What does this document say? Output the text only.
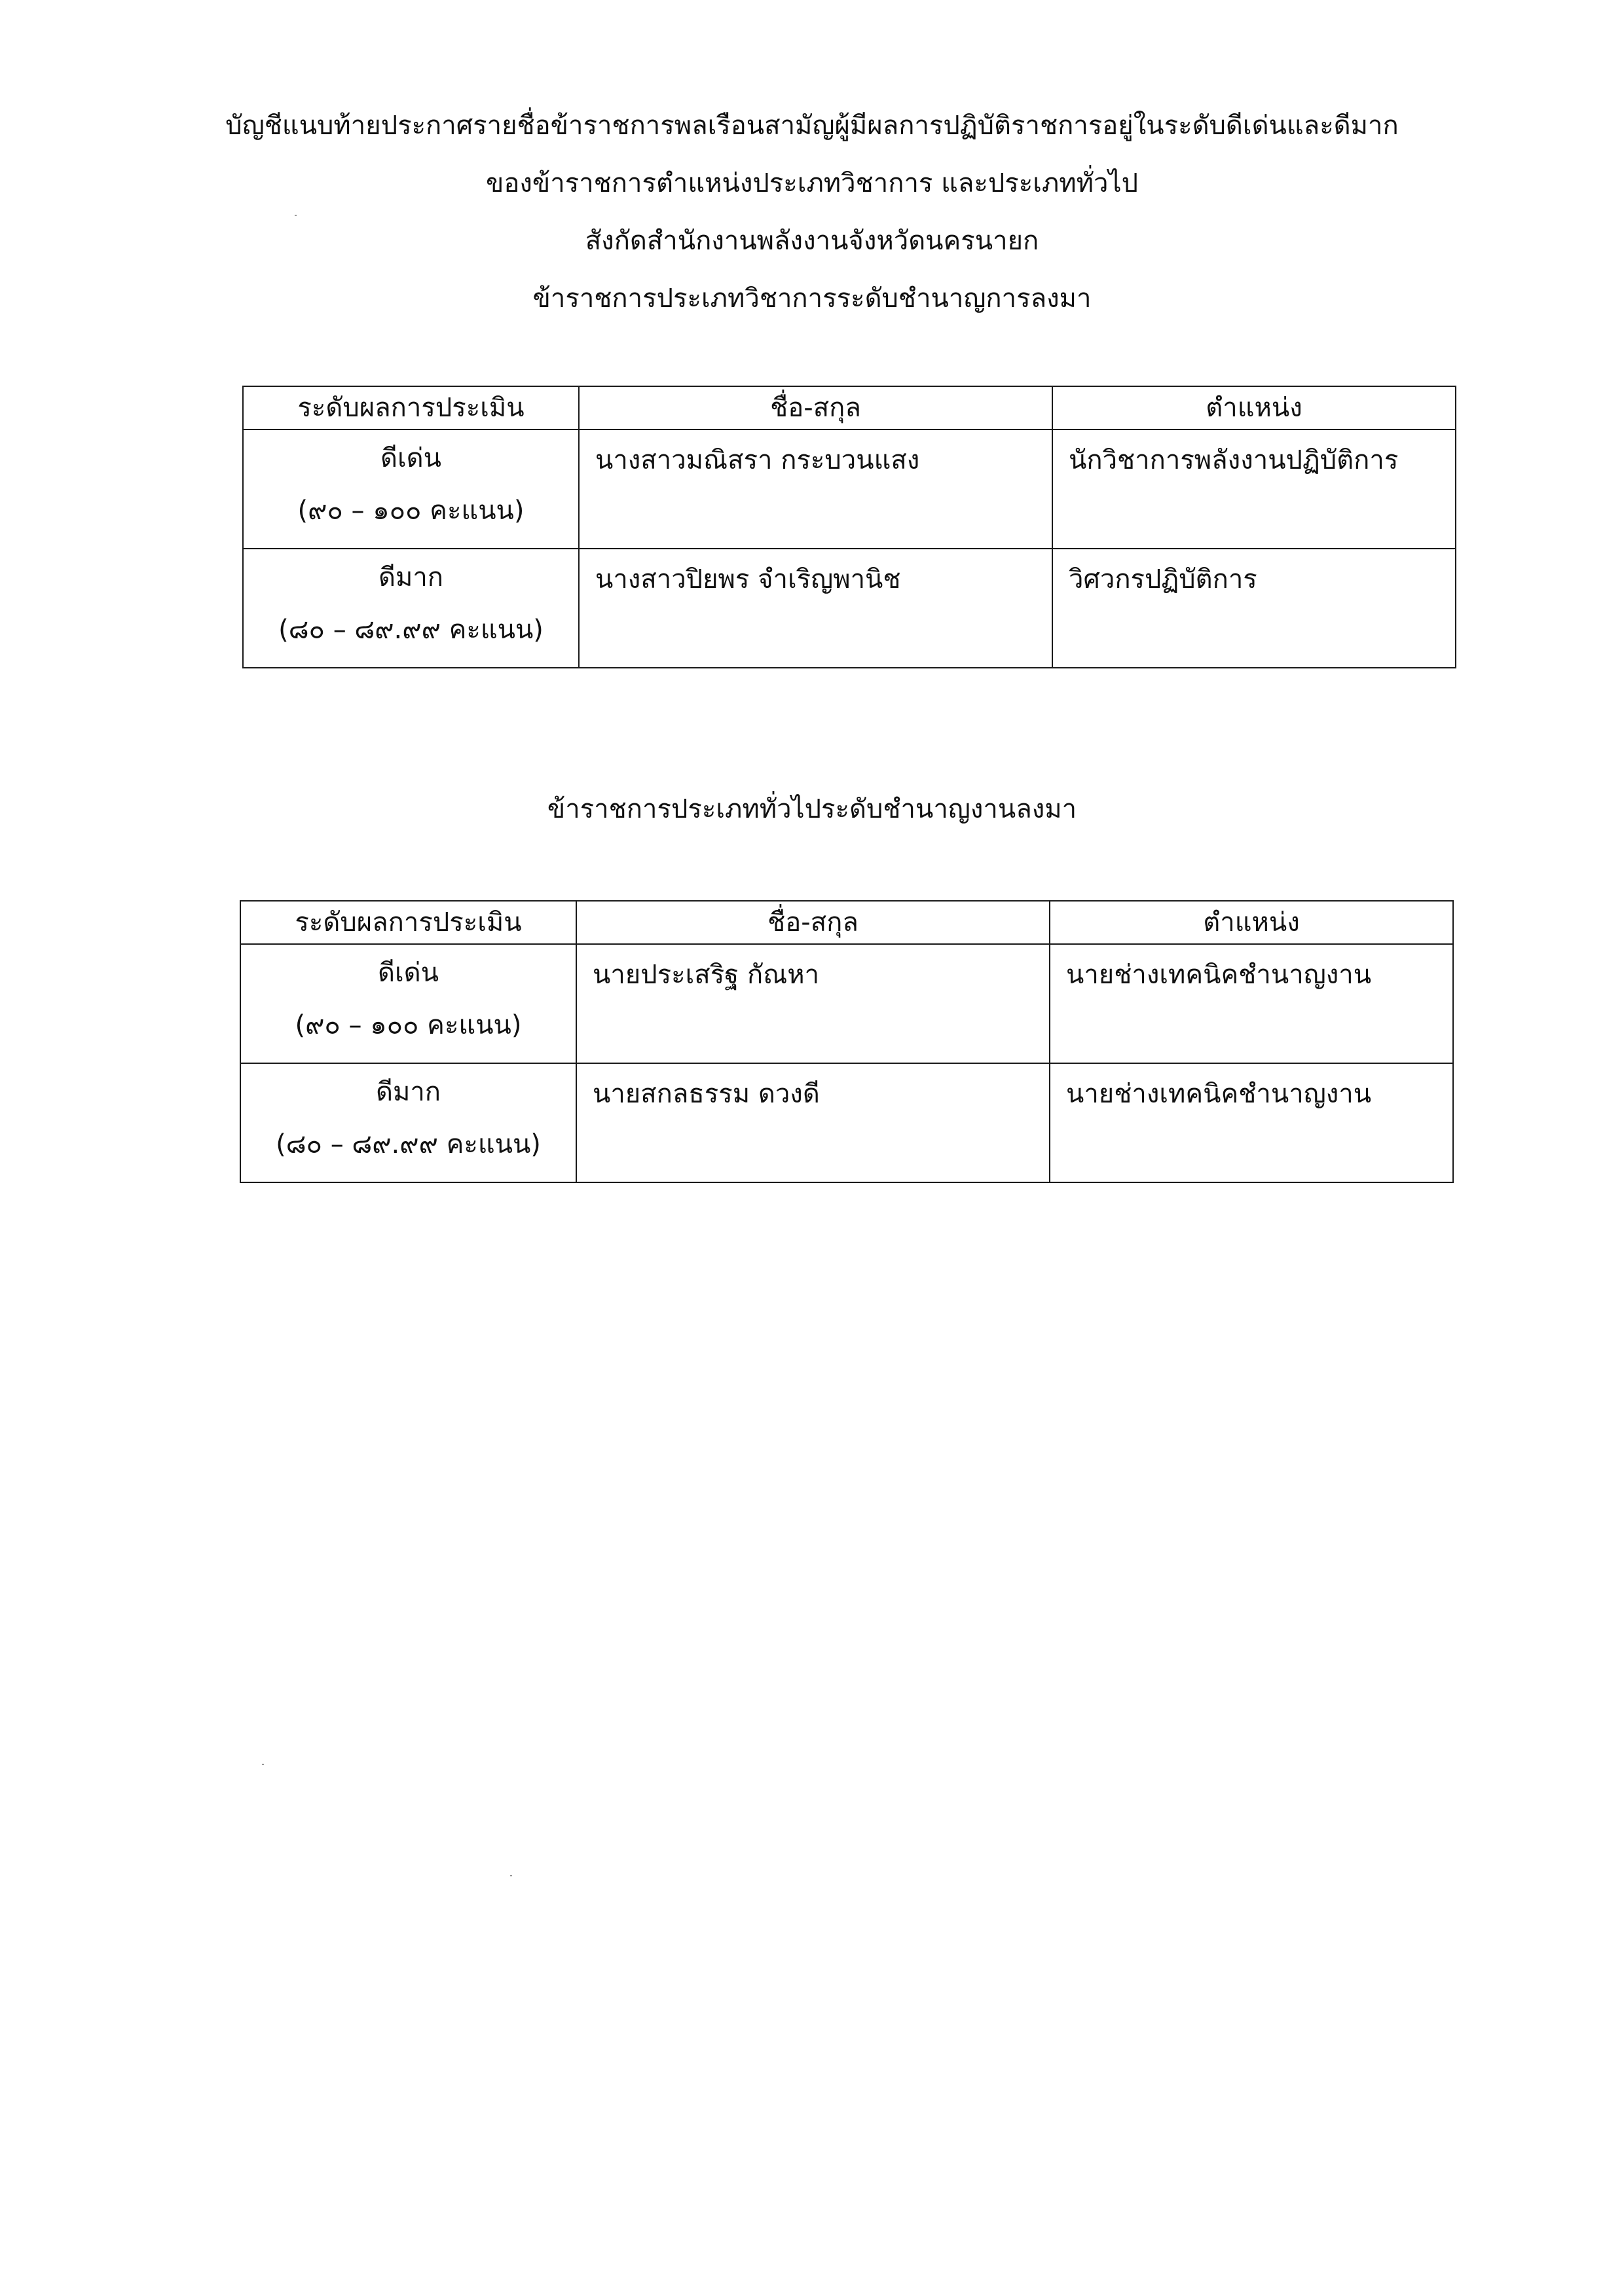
บัญชีแนบท้ายประกาศรายชื่อข้าราชการพลเรือนสามัญผู้มีผลการปฏิบัติราชการอยู่ในระดับดีเด่นและดีมาก
ของข้าราชการตำแหน่งประเภทวิชาการ และประเภททั่วไป
สังกัดสำนักงานพลังงานจังหวัดนครนายก
ข้าราชการประเภทวิชาการระดับชำนาญการลงมา
ระดับผลการประเมิน	ชื่อ-สกุล	ตำแหน่ง

ดีเด่น
(๙๐ – ๑๐๐ คะแนน)	นางสาวมณิสรา กระบวนแสง	นักวิชาการพลังงานปฏิบัติการ

ดีมาก
(๘๐ – ๘๙.๙๙ คะแนน)	นางสาวปิยพร จำเริญพานิช	วิศวกรปฏิบัติการ
ข้าราชการประเภททั่วไประดับชำนาญงานลงมา
ระดับผลการประเมิน	ชื่อ-สกุล	ตำแหน่ง

ดีเด่น
(๙๐ – ๑๐๐ คะแนน)	นายประเสริฐ กัณหา	นายช่างเทคนิคชำนาญงาน

ดีมาก
(๘๐ – ๘๙.๙๙ คะแนน)	นายสกลธรรม ดวงดี	นายช่างเทคนิคชำนาญงาน
